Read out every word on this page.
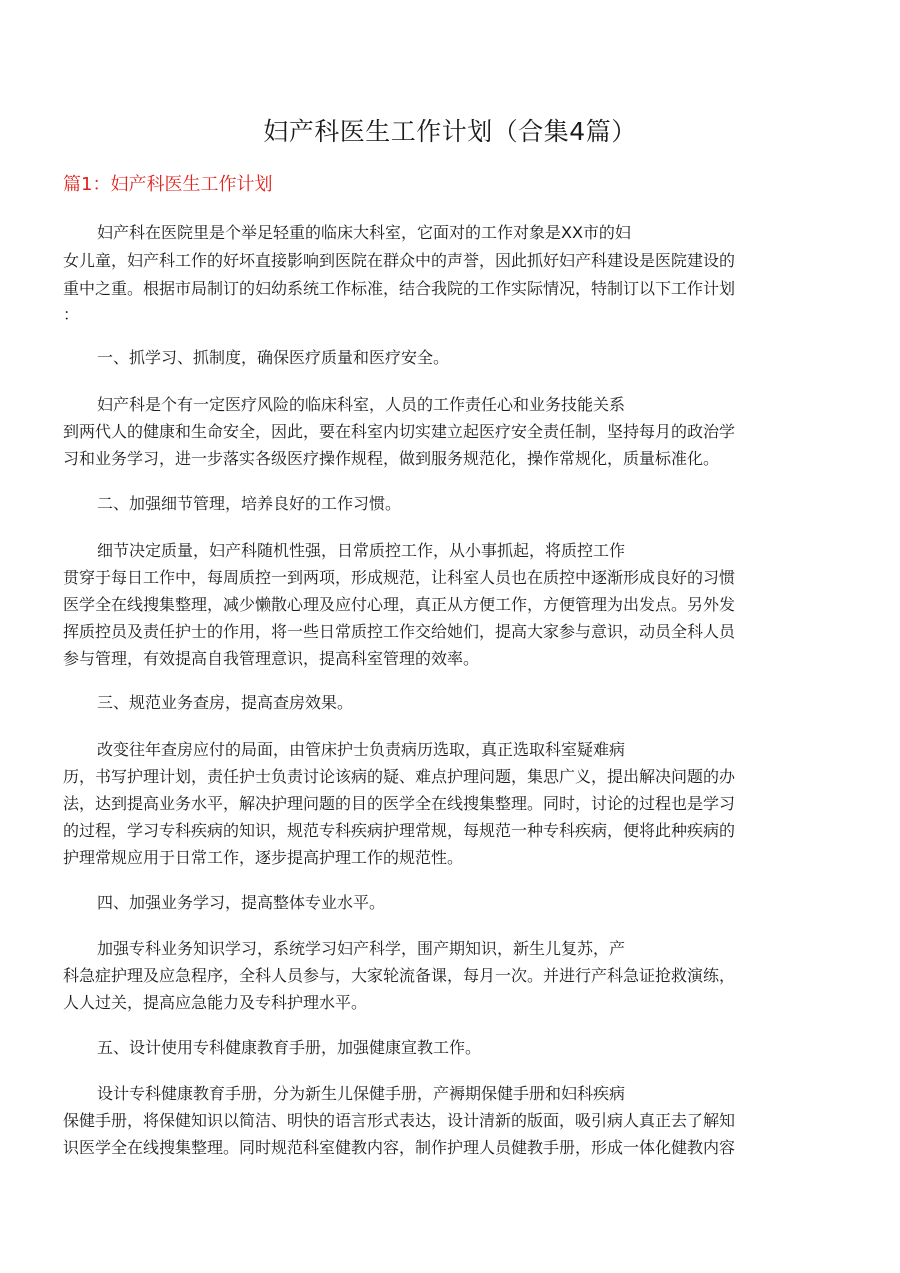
妇产科医生工作计划（合集4篇）
篇1：妇产科医生工作计划
妇产科在医院里是个举足轻重的临床大科室，它面对的工作对象是XX市的妇
女儿童，妇产科工作的好坏直接影响到医院在群众中的声誉，因此抓好妇产科建设是医院建设的
重中之重。根据市局制订的妇幼系统工作标准，结合我院的工作实际情况，特制订以下工作计划
：
一、抓学习、抓制度，确保医疗质量和医疗安全。
妇产科是个有一定医疗风险的临床科室，人员的工作责任心和业务技能关系
到两代人的健康和生命安全，因此，要在科室内切实建立起医疗安全责任制，坚持每月的政治学
习和业务学习，进一步落实各级医疗操作规程，做到服务规范化，操作常规化，质量标准化。
二、加强细节管理，培养良好的工作习惯。
细节决定质量，妇产科随机性强，日常质控工作，从小事抓起，将质控工作
贯穿于每日工作中，每周质控一到两项，形成规范，让科室人员也在质控中逐渐形成良好的习惯
医学全在线搜集整理，减少懒散心理及应付心理，真正从方便工作，方便管理为出发点。另外发
挥质控员及责任护士的作用，将一些日常质控工作交给她们，提高大家参与意识，动员全科人员
参与管理，有效提高自我管理意识，提高科室管理的效率。
三、规范业务查房，提高查房效果。
改变往年查房应付的局面，由管床护士负责病历选取，真正选取科室疑难病
历，书写护理计划，责任护士负责讨论该病的疑、难点护理问题，集思广义，提出解决问题的办
法，达到提高业务水平，解决护理问题的目的医学全在线搜集整理。同时，讨论的过程也是学习
的过程，学习专科疾病的知识，规范专科疾病护理常规，每规范一种专科疾病，便将此种疾病的
护理常规应用于日常工作，逐步提高护理工作的规范性。
四、加强业务学习，提高整体专业水平。
加强专科业务知识学习，系统学习妇产科学，围产期知识，新生儿复苏，产
科急症护理及应急程序，全科人员参与，大家轮流备课，每月一次。并进行产科急证抢救演练，
人人过关，提高应急能力及专科护理水平。
五、设计使用专科健康教育手册，加强健康宣教工作。
设计专科健康教育手册，分为新生儿保健手册，产褥期保健手册和妇科疾病
保健手册，将保健知识以简洁、明快的语言形式表达，设计清新的版面，吸引病人真正去了解知
识医学全在线搜集整理。同时规范科室健教内容，制作护理人员健教手册，形成一体化健教内容
